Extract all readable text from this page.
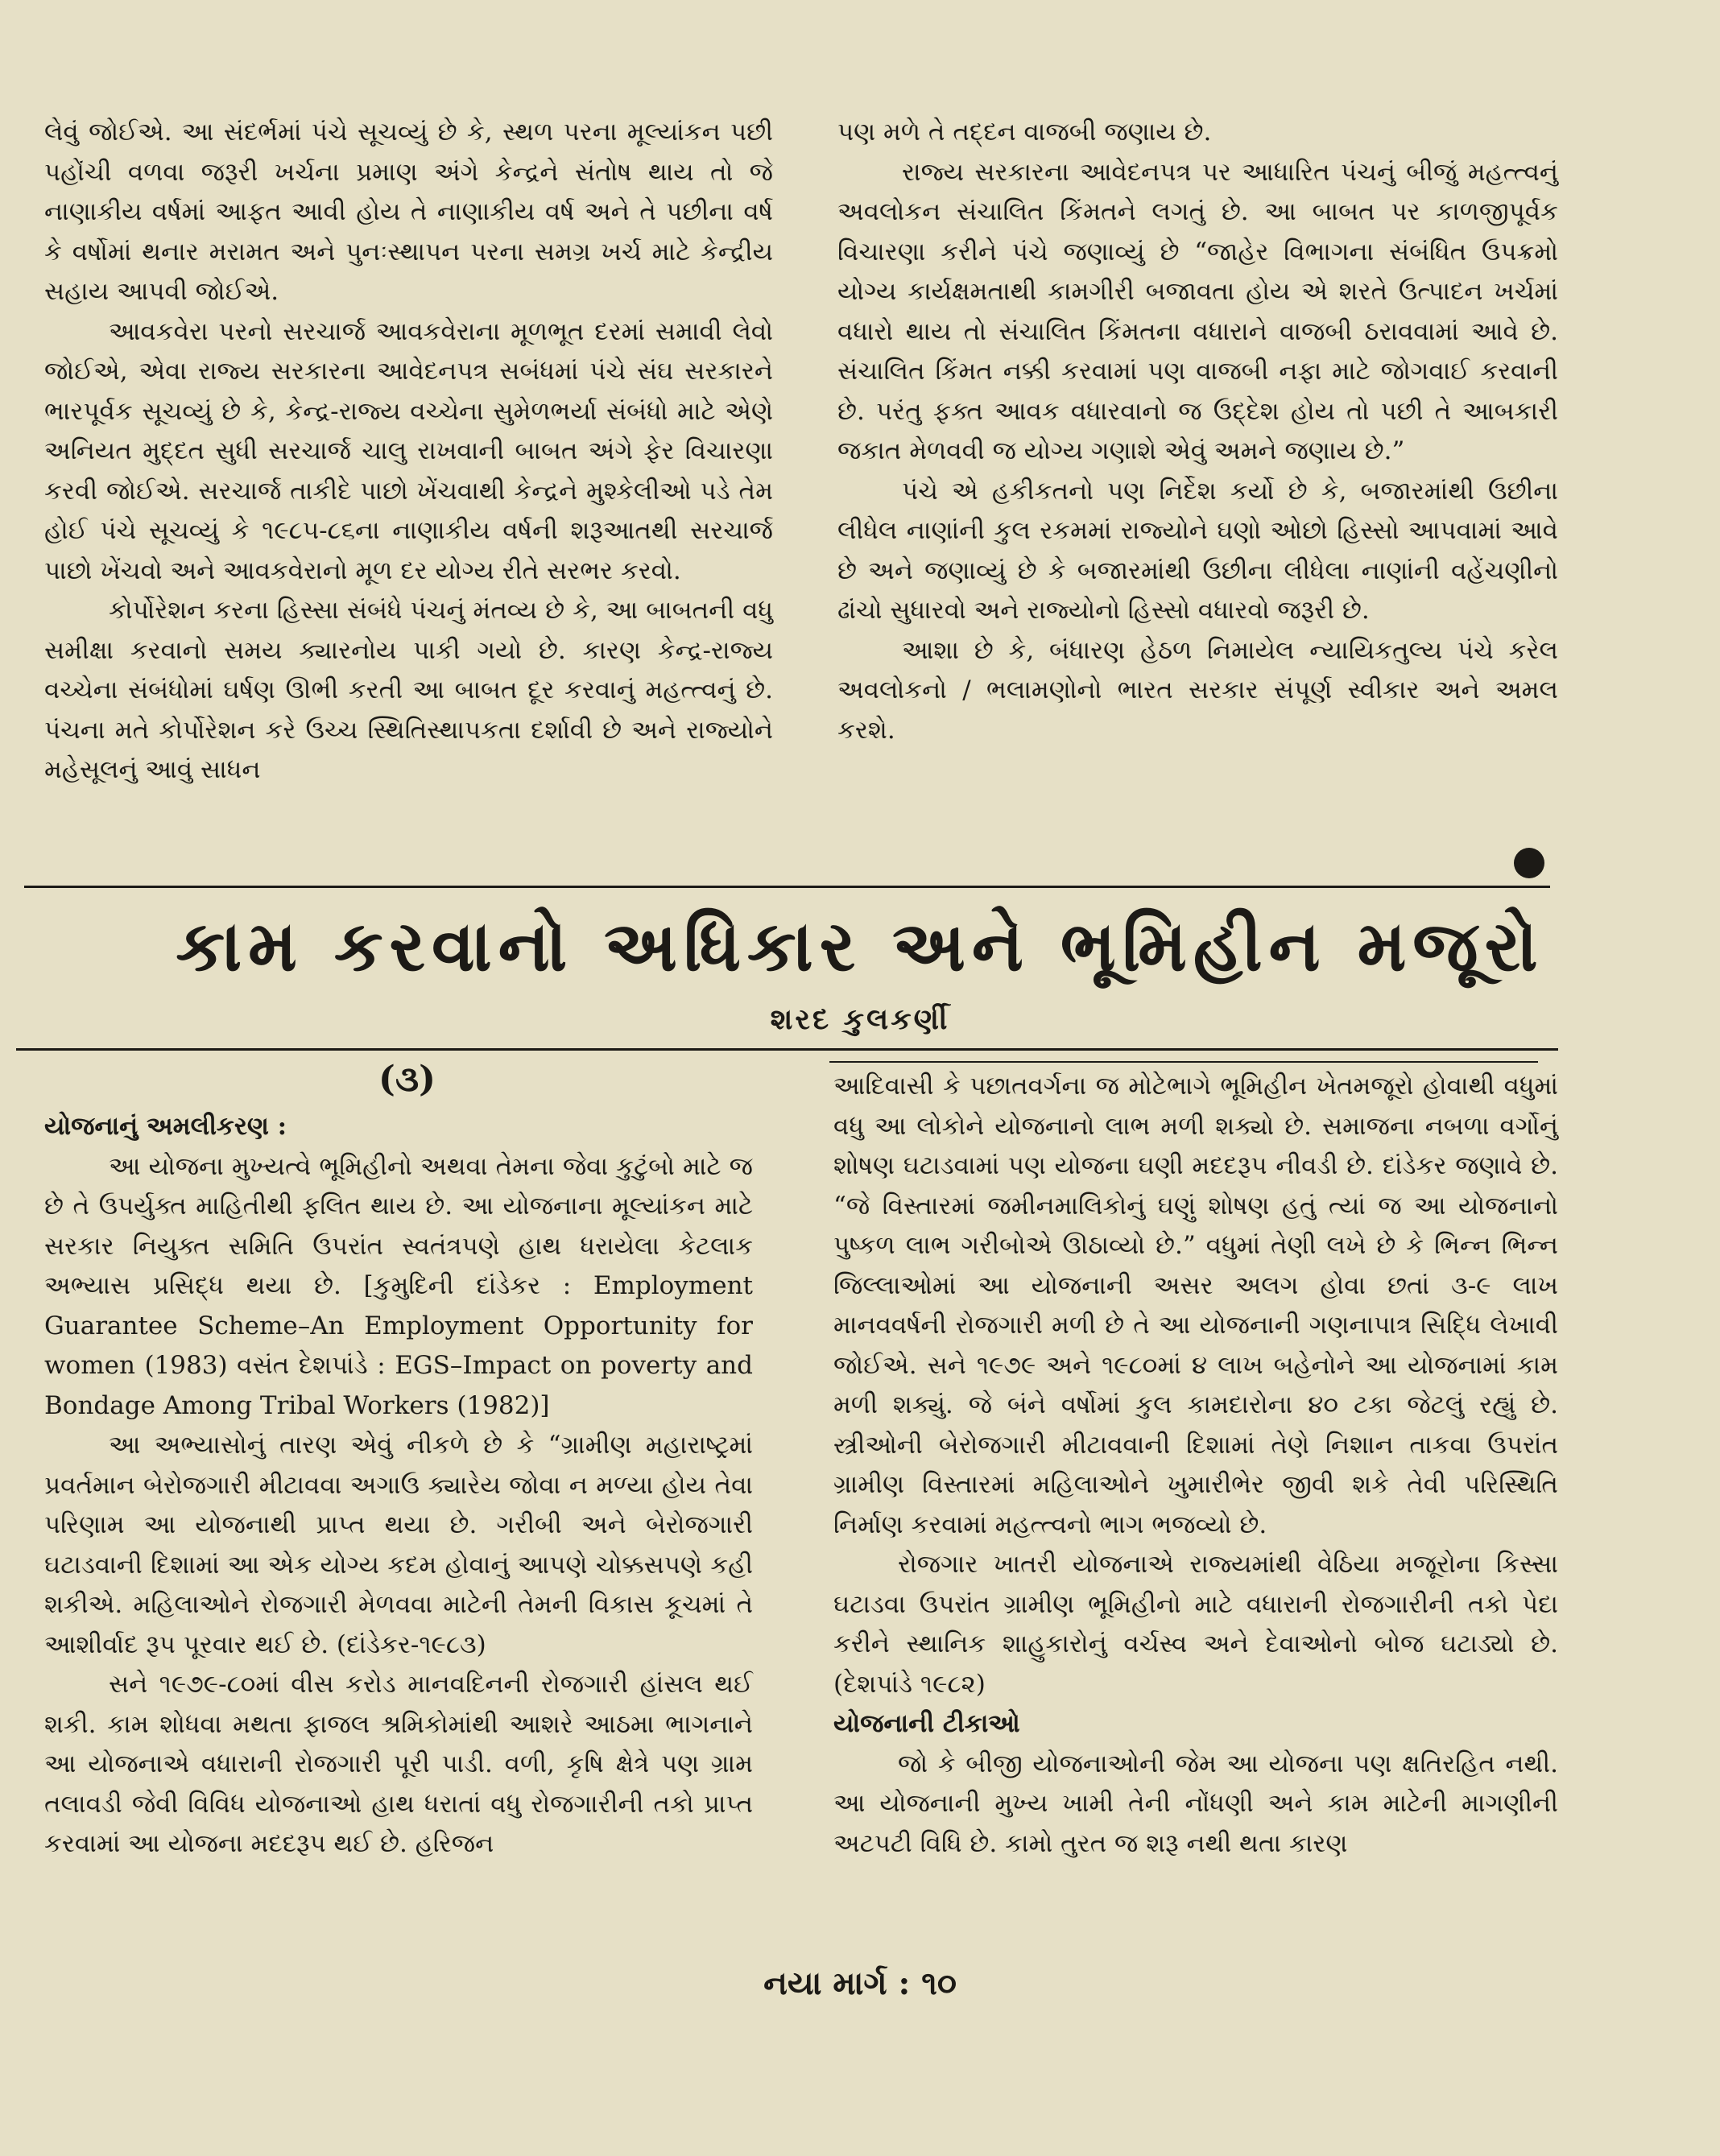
લેવું જોઈએ. આ સંદર્ભમાં પંચે સૂચવ્યું છે કે, સ્થળ પરના મૂલ્યાંકન પછી પહોંચી વળવા જરૂરી ખર્ચના પ્રમાણ અંગે કેન્દ્રને સંતોષ થાય તો જે નાણાકીય વર્ષમાં આફત આવી હોય તે નાણાકીય વર્ષ અને તે પછીના વર્ષ કે વર્ષોમાં થનાર મરામત અને પુનઃસ્થાપન પરના સમગ્ર ખર્ચ માટે કેન્દ્રીય સહાય આપવી જોઈએ.

આવકવેરા પરનો સરચાર્જ આવકવેરાના મૂળભૂત દરમાં સમાવી લેવો જોઈએ, એવા રાજ્ય સરકારના આવેદનપત્ર સબંધમાં પંચે સંઘ સરકારને ભારપૂર્વક સૂચવ્યું છે કે, કેન્દ્ર-રાજ્ય વચ્ચેના સુમેળભર્યા સંબંધો માટે એણે અનિયત મુદ્દત સુધી સરચાર્જ ચાલુ રાખવાની બાબત અંગે ફેર વિચારણા કરવી જોઈએ. સરચાર્જ તાકીદે પાછો ખેંચવાથી કેન્દ્રને મુશ્કેલીઓ પડે તેમ હોઈ પંચે સૂચવ્યું કે ૧૯૮૫-૮૬ના નાણાકીય વર્ષની શરૂઆતથી સરચાર્જ પાછો ખેંચવો અને આવકવેરાનો મૂળ દર યોગ્ય રીતે સરભર કરવો.

કોર્પોરેશન કરના હિસ્સા સંબંધે પંચનું મંતવ્ય છે કે, આ બાબતની વધુ સમીક્ષા કરવાનો સમય ક્યારનોય પાકી ગયો છે. કારણ કેન્દ્ર-રાજ્ય વચ્ચેના સંબંધોમાં ઘર્ષણ ઊભી કરતી આ બાબત દૂર કરવાનું મહત્ત્વનું છે. પંચના મતે કોર્પોરેશન કરે ઉચ્ચ સ્થિતિસ્થાપકતા દર્શાવી છે અને રાજ્યોને મહેસૂલનું આવું સાધન

પણ મળે તે તદ્દન વાજબી જણાય છે.

રાજ્ય સરકારના આવેદનપત્ર પર આધારિત પંચનું બીજું મહત્ત્વનું અવલોકન સંચાલિત કિંમતને લગતું છે. આ બાબત પર કાળજીપૂર્વક વિચારણા કરીને પંચે જણાવ્યું છે “જાહેર વિભાગના સંબંધિત ઉપક્રમો યોગ્ય કાર્યક્ષમતાથી કામગીરી બજાવતા હોય એ શરતે ઉત્પાદન ખર્ચમાં વધારો થાય તો સંચાલિત કિંમતના વધારાને વાજબી ઠરાવવામાં આવે છે. સંચાલિત કિંમત નક્કી કરવામાં પણ વાજબી નફા માટે જોગવાઈ કરવાની છે. પરંતુ ફક્ત આવક વધારવાનો જ ઉદ્દેશ હોય તો પછી તે આબકારી જકાત મેળવવી જ યોગ્ય ગણાશે એવું અમને જણાય છે.”

પંચે એ હકીકતનો પણ નિર્દેશ કર્યો છે કે, બજારમાંથી ઉછીના લીધેલ નાણાંની કુલ રકમમાં રાજ્યોને ઘણો ઓછો હિસ્સો આપવામાં આવે છે અને જણાવ્યું છે કે બજારમાંથી ઉછીના લીધેલા નાણાંની વહેંચણીનો ઢાંચો સુધારવો અને રાજ્યોનો હિસ્સો વધારવો જરૂરી છે.

આશા છે કે, બંધારણ હેઠળ નિમાયેલ ન્યાયિકતુલ્ય પંચે કરેલ અવલોકનો / ભલામણોનો ભારત સરકાર સંપૂર્ણ સ્વીકાર અને અમલ કરશે.

કામ કરવાનો અધિકાર અને ભૂમિહીન મજૂરો
શરદ કુલકર્ણી
(૩)

યોજનાનું અમલીકરણ :

આ યોજના મુખ્યત્વે ભૂમિહીનો અથવા તેમના જેવા કુટુંબો માટે જ છે તે ઉપર્યુક્ત માહિતીથી ફલિત થાય છે. આ યોજનાના મૂલ્યાંકન માટે સરકાર નિયુક્ત સમિતિ ઉપરાંત સ્વતંત્રપણે હાથ ધરાયેલા કેટલાક અભ્યાસ પ્રસિદ્ધ થયા છે. [કુમુદિની દાંડેકર : Employment Guarantee Scheme–An Employment Opportunity for women (1983) વસંત દેશપાંડે : EGS–Impact on poverty and Bondage Among Tribal Workers (1982)]

આ અભ્યાસોનું તારણ એવું નીકળે છે કે “ગ્રામીણ મહારાષ્ટ્રમાં પ્રવર્તમાન બેરોજગારી મીટાવવા અગાઉ ક્યારેય જોવા ન મળ્યા હોય તેવા પરિણામ આ યોજનાથી પ્રાપ્ત થયા છે. ગરીબી અને બેરોજગારી ઘટાડવાની દિશામાં આ એક યોગ્ય કદમ હોવાનું આપણે ચોક્કસપણે કહી શકીએ. મહિલાઓને રોજગારી મેળવવા માટેની તેમની વિકાસ કૂચમાં તે આશીર્વાદ રૂપ પૂરવાર થઈ છે. (દાંડેકર-૧૯૮૩)

સને ૧૯૭૯-૮૦માં વીસ કરોડ માનવદિનની રોજગારી હાંસલ થઈ શકી. કામ શોધવા મથતા ફાજલ શ્રમિકોમાંથી આશરે આઠમા ભાગનાને આ યોજનાએ વધારાની રોજગારી પૂરી પાડી. વળી, કૃષિ ક્ષેત્રે પણ ગ્રામ તલાવડી જેવી વિવિધ યોજનાઓ હાથ ધરાતાં વધુ રોજગારીની તકો પ્રાપ્ત કરવામાં આ યોજના મદદરૂપ થઈ છે. હરિજન

આદિવાસી કે પછાતવર્ગના જ મોટેભાગે ભૂમિહીન ખેતમજૂરો હોવાથી વધુમાં વધુ આ લોકોને યોજનાનો લાભ મળી શક્યો છે. સમાજના નબળા વર્ગોનું શોષણ ઘટાડવામાં પણ યોજના ઘણી મદદરૂપ નીવડી છે. દાંડેકર જણાવે છે. “જે વિસ્તારમાં જમીનમાલિકોનું ઘણું શોષણ હતું ત્યાં જ આ યોજનાનો પુષ્કળ લાભ ગરીબોએ ઊઠાવ્યો છે.” વધુમાં તેણી લખે છે કે ભિન્ન ભિન્ન જિલ્લાઓમાં આ યોજનાની અસર અલગ હોવા છતાં ૩-૯ લાખ માનવવર્ષની રોજગારી મળી છે તે આ યોજનાની ગણનાપાત્ર સિદ્ધિ લેખાવી જોઈએ. સને ૧૯૭૯ અને ૧૯૮૦માં ૪ લાખ બહેનોને આ યોજનામાં કામ મળી શક્યું. જે બંને વર્ષોમાં કુલ કામદારોના ૪૦ ટકા જેટલું રહ્યું છે. સ્ત્રીઓની બેરોજગારી મીટાવવાની દિશામાં તેણે નિશાન તાકવા ઉપરાંત ગ્રામીણ વિસ્તારમાં મહિલાઓને ખુમારીભેર જીવી શકે તેવી પરિસ્થિતિ નિર્માણ કરવામાં મહત્ત્વનો ભાગ ભજવ્યો છે.

રોજગાર ખાતરી યોજનાએ રાજ્યમાંથી વેઠિયા મજૂરોના કિસ્સા ઘટાડવા ઉપરાંત ગ્રામીણ ભૂમિહીનો માટે વધારાની રોજગારીની તકો પેદા કરીને સ્થાનિક શાહુકારોનું વર્ચસ્વ અને દેવાઓનો બોજ ઘટાડ્યો છે. (દેશપાંડે ૧૯૮૨)

યોજનાની ટીકાઓ

જો કે બીજી યોજનાઓની જેમ આ યોજના પણ ક્ષતિરહિત નથી. આ યોજનાની મુખ્ય ખામી તેની નોંધણી અને કામ માટેની માગણીની અટપટી વિધિ છે. કામો તુરત જ શરૂ નથી થતા કારણ

નયા માર્ગ : ૧૦
